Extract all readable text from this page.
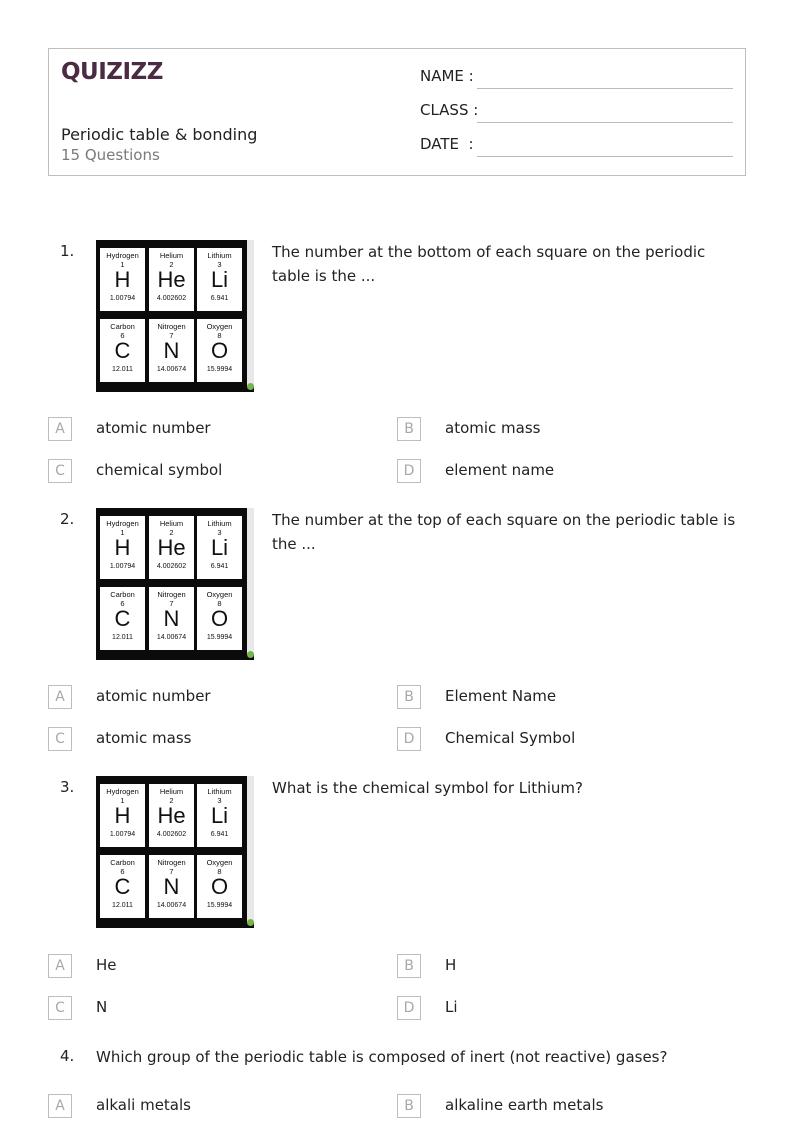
QUIZIZZ
Periodic table & bonding
15 Questions
NAME :
CLASS :
DATE  :
1.	Hydrogen
1
H
1.00794
Helium
2
He
4.002602
Lithium
3
Li
6.941
Carbon
6
C
12.011
Nitrogen
7
N
14.00674
Oxygen
8
O
15.9994
The number at the bottom of each square on the periodic table is the ...
A	atomic number	B	atomic mass
C	chemical symbol	D	element name
2.	Hydrogen
1
H
1.00794
Helium
2
He
4.002602
Lithium
3
Li
6.941
Carbon
6
C
12.011
Nitrogen
7
N
14.00674
Oxygen
8
O
15.9994
The number at the top of each square on the periodic table is the ...
A	atomic number	B	Element Name
C	atomic mass	D	Chemical Symbol
3.	Hydrogen
1
H
1.00794
Helium
2
He
4.002602
Lithium
3
Li
6.941
Carbon
6
C
12.011
Nitrogen
7
N
14.00674
Oxygen
8
O
15.9994
What is the chemical symbol for Lithium?
A	He	B	H
C	N	D	Li
4. Which group of the periodic table is composed of inert (not reactive) gases?
A	alkali metals	B	alkaline earth metals
